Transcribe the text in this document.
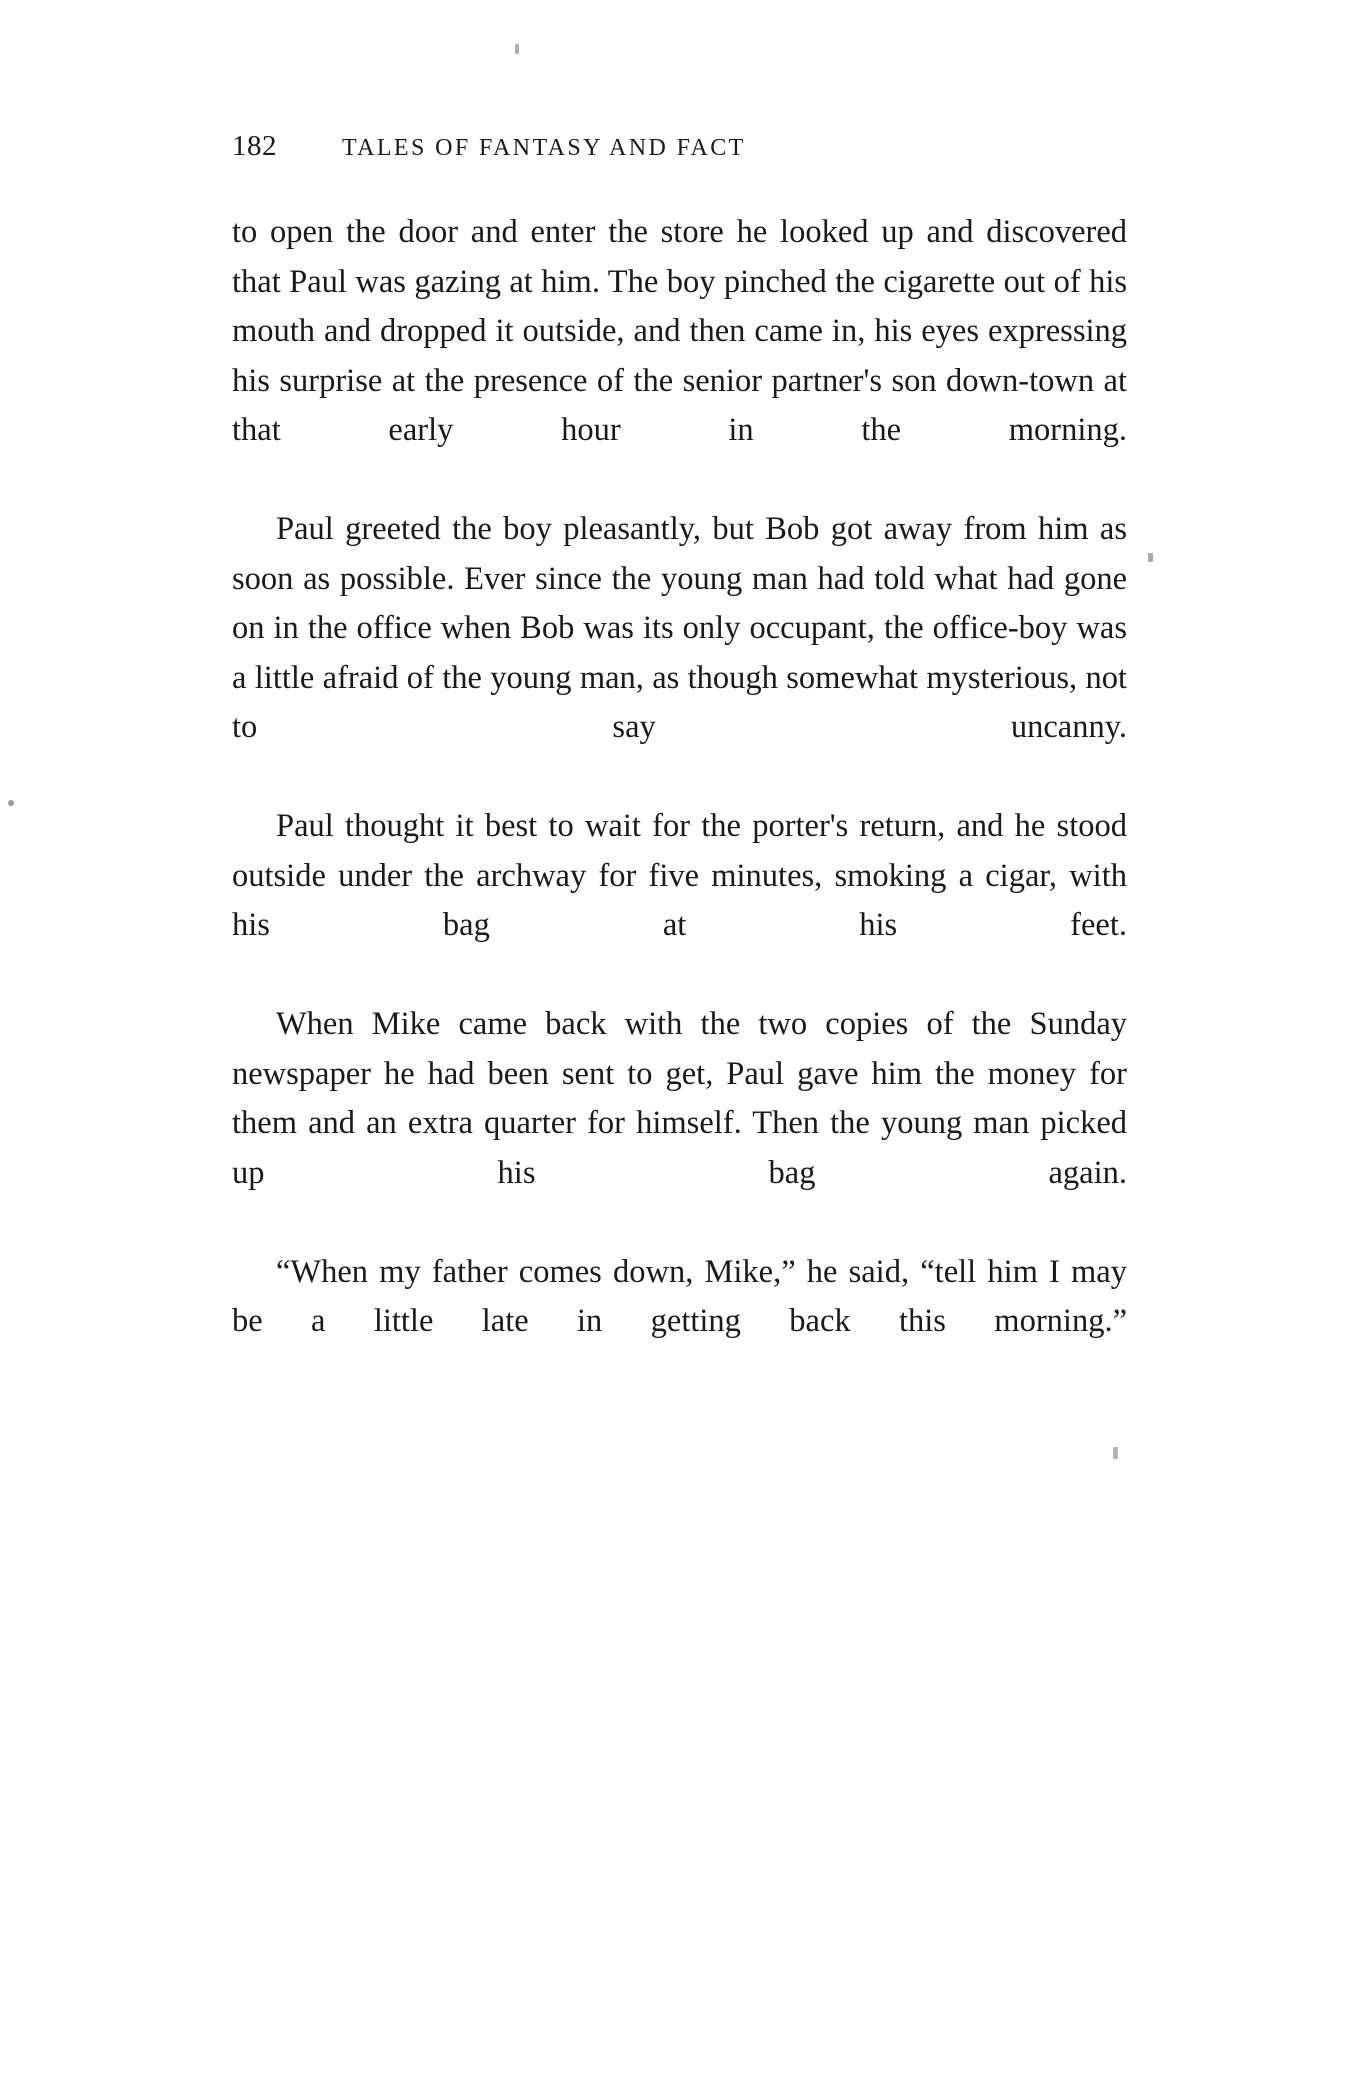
182	TALES OF FANTASY AND FACT

to open the door and enter the store he looked up and discovered that Paul was gazing at him. The boy pinched the cigarette out of his mouth and dropped it outside, and then came in, his eyes expressing his surprise at the presence of the senior partner's son down-town at that early hour in the morning.

Paul greeted the boy pleasantly, but Bob got away from him as soon as possible. Ever since the young man had told what had gone on in the office when Bob was its only occupant, the office-boy was a little afraid of the young man, as though somewhat mysterious, not to say uncanny.

Paul thought it best to wait for the porter's return, and he stood outside under the archway for five minutes, smoking a cigar, with his bag at his feet.

When Mike came back with the two copies of the Sunday newspaper he had been sent to get, Paul gave him the money for them and an extra quarter for himself. Then the young man picked up his bag again.

“When my father comes down, Mike,” he said, “tell him I may be a little late in getting back this morning.”
